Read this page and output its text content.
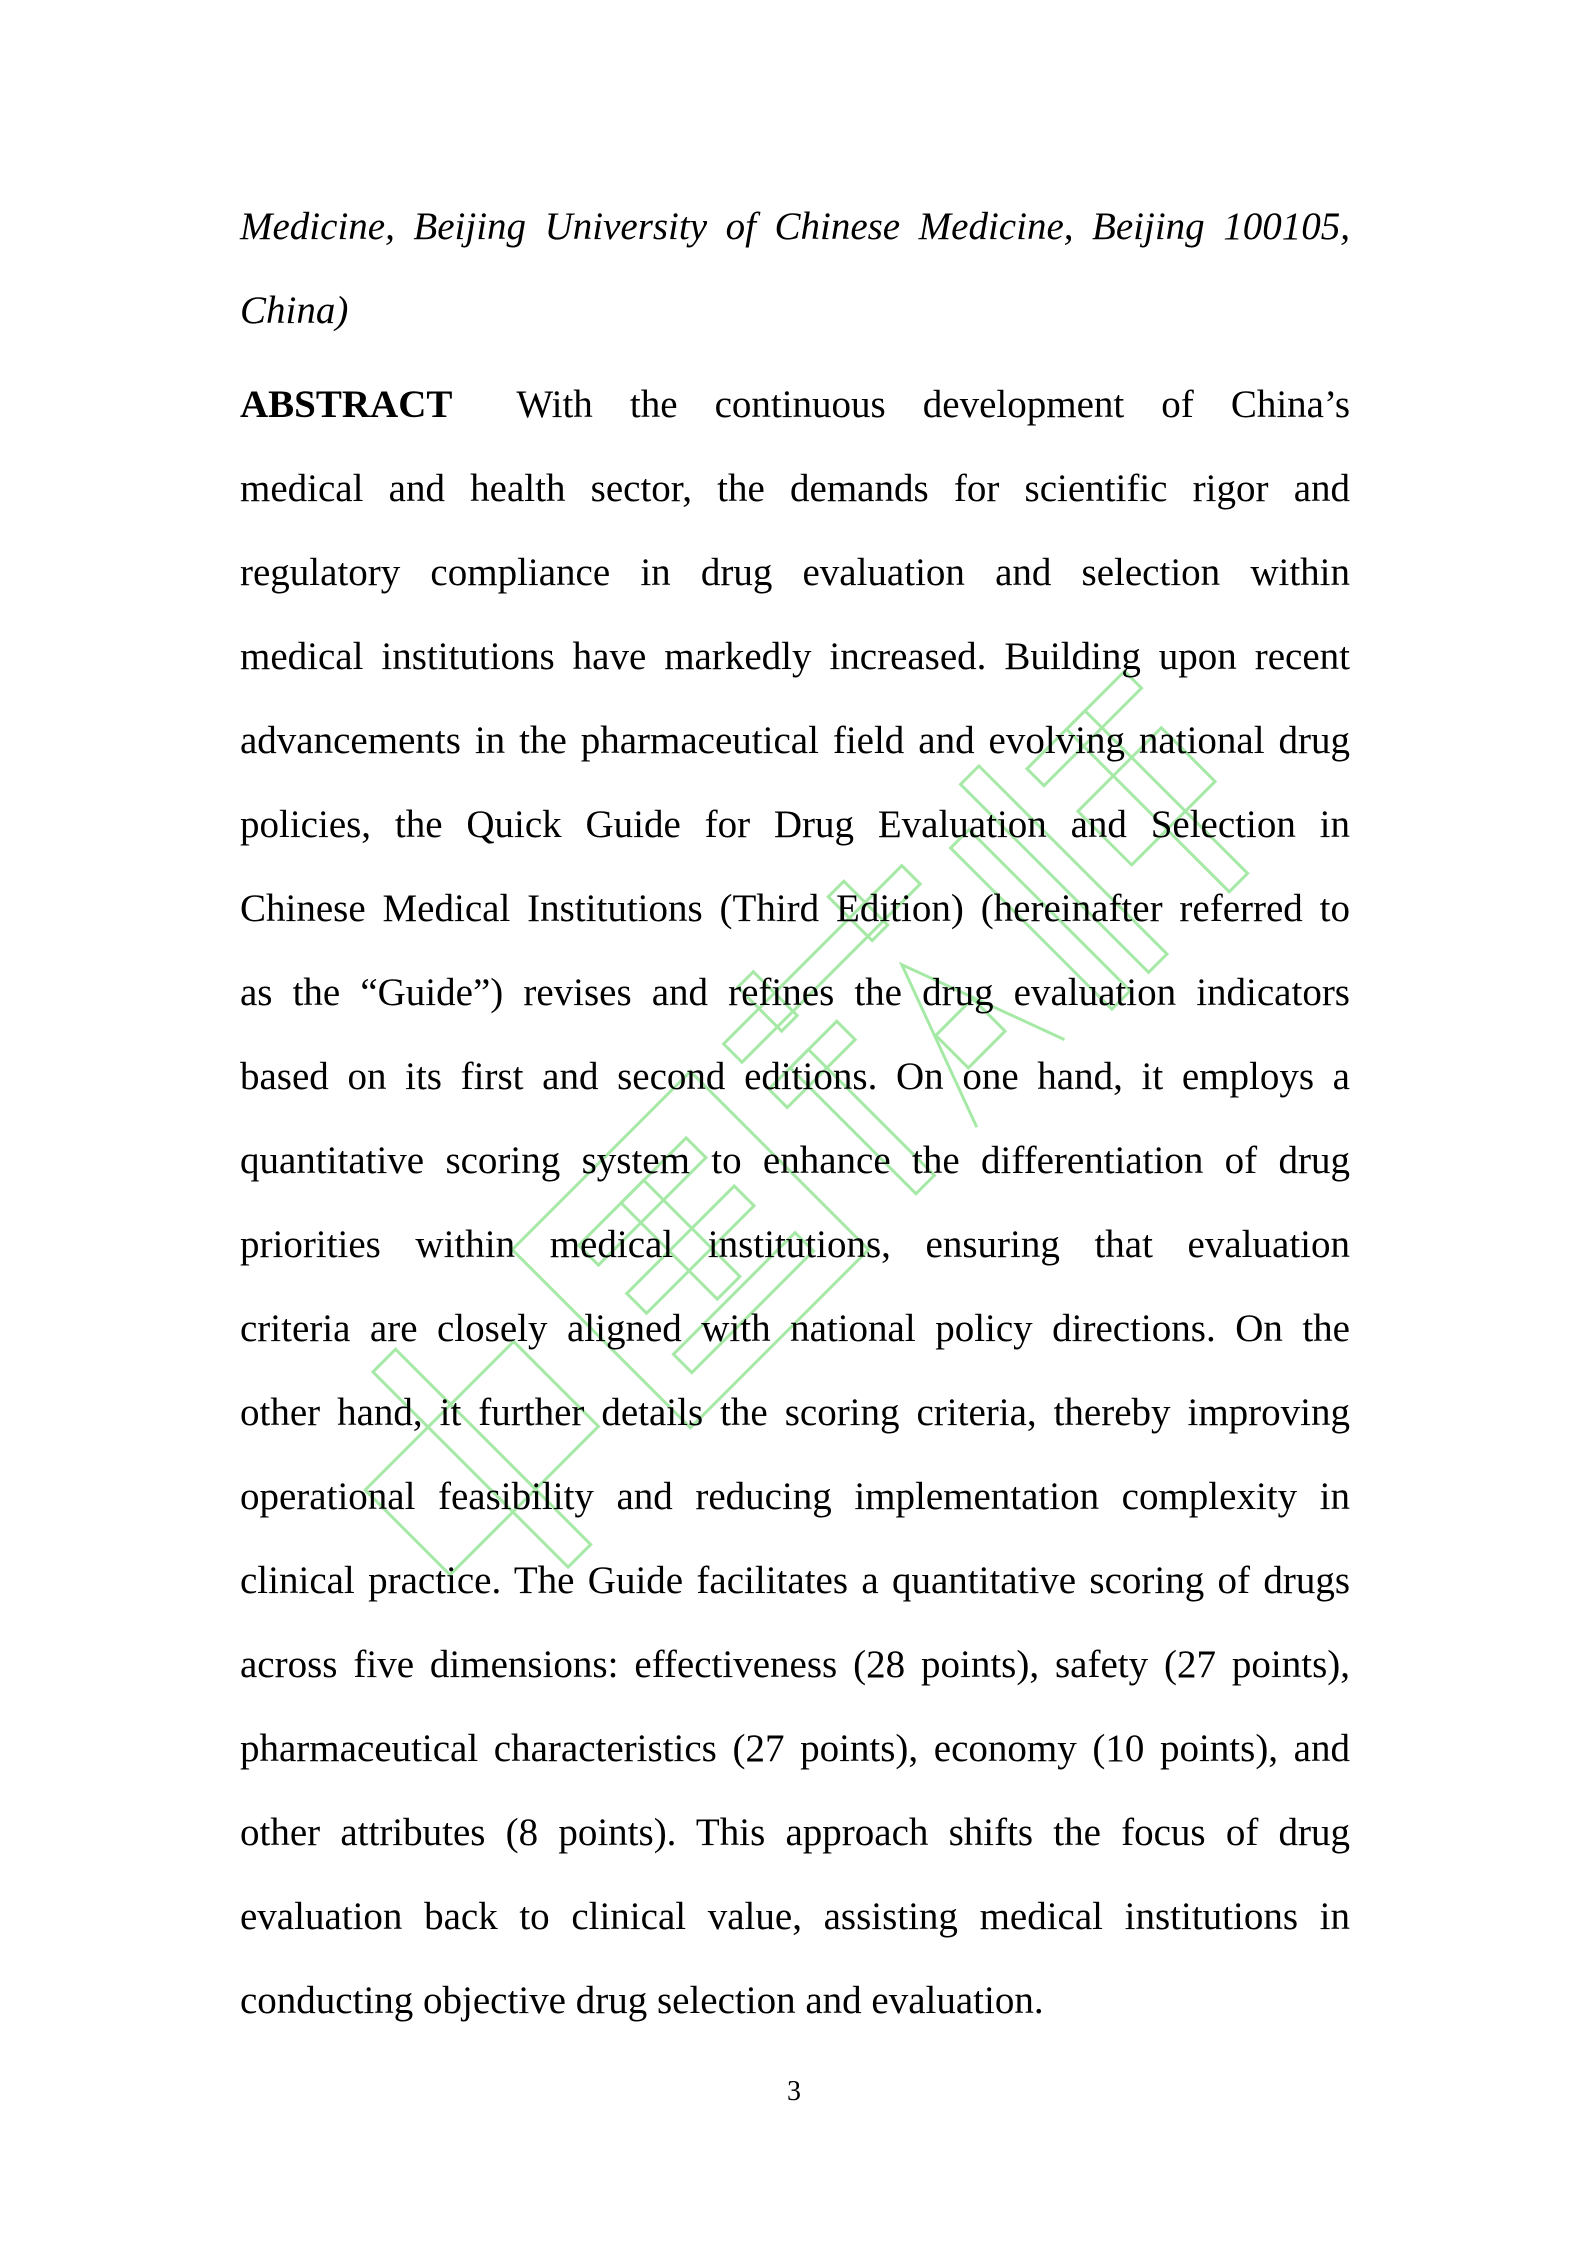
Medicine, Beijing University of Chinese Medicine, Beijing 100105,
China)
ABSTRACT With the continuous development of China’s
medical and health sector, the demands for scientific rigor and
regulatory compliance in drug evaluation and selection within
medical institutions have markedly increased. Building upon recent
advancements in the pharmaceutical field and evolving national drug
policies, the Quick Guide for Drug Evaluation and Selection in
Chinese Medical Institutions (Third Edition) (hereinafter referred to
as the “Guide”) revises and refines the drug evaluation indicators
based on its first and second editions. On one hand, it employs a
quantitative scoring system to enhance the differentiation of drug
priorities within medical institutions, ensuring that evaluation
criteria are closely aligned with national policy directions. On the
other hand, it further details the scoring criteria, thereby improving
operational feasibility and reducing implementation complexity in
clinical practice. The Guide facilitates a quantitative scoring of drugs
across five dimensions: effectiveness (28 points), safety (27 points),
pharmaceutical characteristics (27 points), economy (10 points), and
other attributes (8 points). This approach shifts the focus of drug
evaluation back to clinical value, assisting medical institutions in
conducting objective drug selection and evaluation.
3
